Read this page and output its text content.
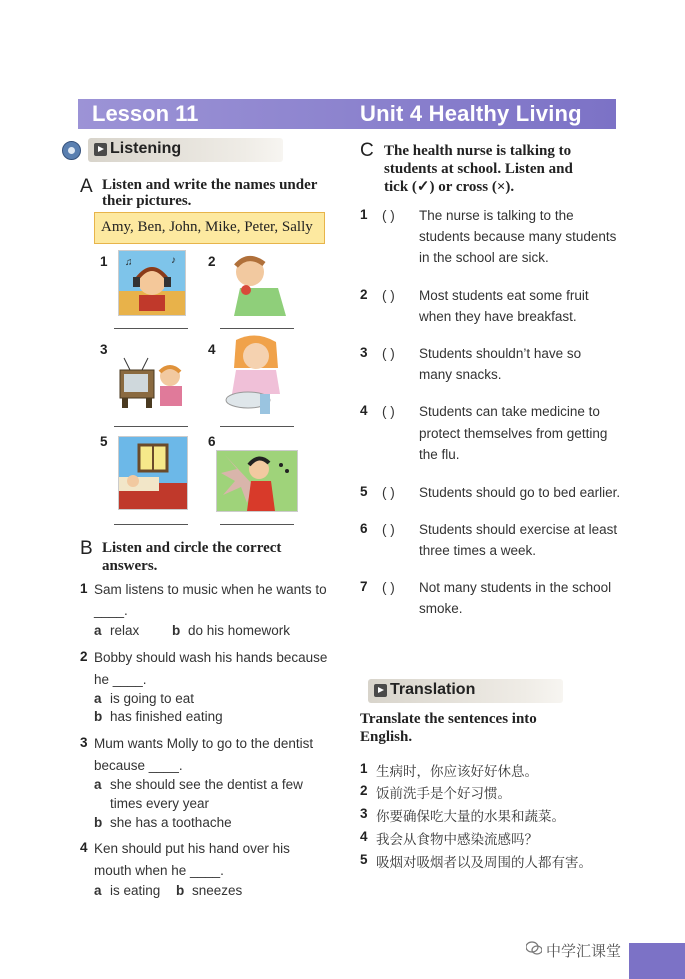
Lesson 11	Unit 4 Healthy Living
Listening
A Listen and write the names under
their pictures.
Amy, Ben, John, Mike, Peter, Sally
1	♪
♫	2
3	4
5	6
B Listen and circle the correct
answers.
1 Sam listens to music when he wants to
____.
a relax b do his homework
2 Bobby should wash his hands because
he ____.
a is going to eat
b has finished eating
3 Mum wants Molly to go to the dentist
because ____.
a she should see the dentist a few
times every year
b she has a toothache
4 Ken should put his hand over his
mouth when he ____.
a is eating b sneezes
C The health nurse is talking to
students at school. Listen and
tick (✓) or cross (×).
1 ( ) The nurse is talking to the
students because many students
in the school are sick.
2 ( ) Most students eat some fruit
when they have breakfast.
3 ( ) Students shouldn’t have so
many snacks.
4 ( ) Students can take medicine to
protect themselves from getting
the flu.
5 ( ) Students should go to bed earlier.
6 ( ) Students should exercise at least
three times a week.
7 ( ) Not many students in the school
smoke.
Translation
Translate the sentences into
English.
1 生病时，你应该好好休息。
2 饭前洗手是个好习惯。
3 你要确保吃大量的水果和蔬菜。
4 我会从食物中感染流感吗？
5 吸烟对吸烟者以及周围的人都有害。
中学汇课堂
